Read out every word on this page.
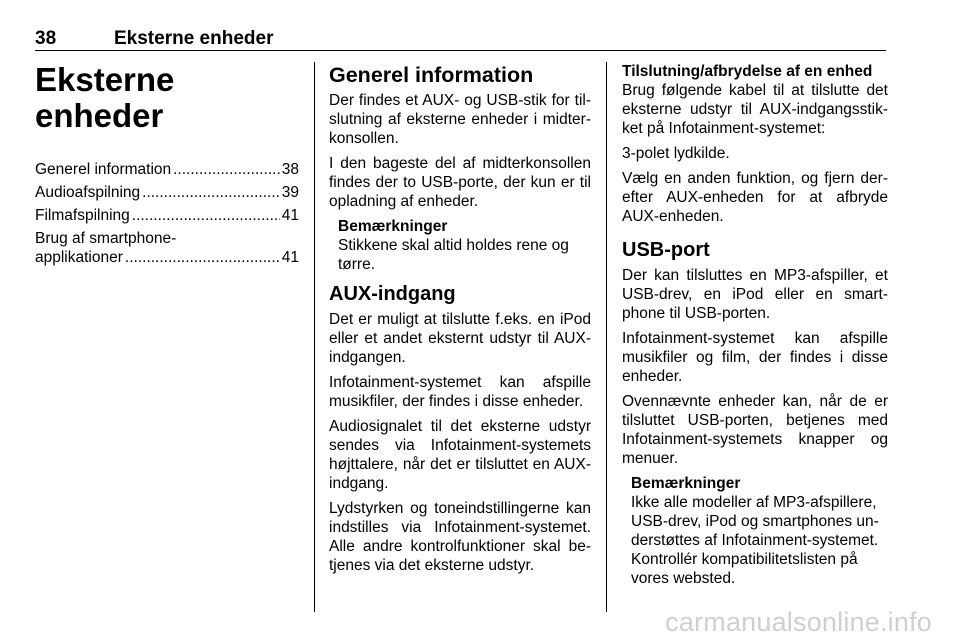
38	Eksterne enheder
Eksterne enheder
Generel information .....	38
Audioafspilning .....	39
Filmafspilning .....	41
Brug af smartphone-
applikationer .....	41
Generel information

Der findes et AUX- og USB-stik for til-slutning af eksterne enheder i midter-konsollen.

I den bageste del af midterkonsollen findes der to USB-porte, der kun er til opladning af enheder.

Bemærkninger

Stikkene skal altid holdes rene og tørre.

AUX-indgang

Det er muligt at tilslutte f.eks. en iPod eller et andet eksternt udstyr til AUX-indgangen.

Infotainment-systemet kan afspille musikfiler, der findes i disse enheder.

Audiosignalet til det eksterne udstyr sendes via Infotainment-systemets højttalere, når det er tilsluttet en AUX-indgang.

Lydstyrken og toneindstillingerne kan indstilles via Infotainment-systemet. Alle andre kontrolfunktioner skal be-tjenes via det eksterne udstyr.

Tilslutning/afbrydelse af en enhed

Brug følgende kabel til at tilslutte det eksterne udstyr til AUX-indgangsstik-ket på Infotainment-systemet:

3-polet lydkilde.

Vælg en anden funktion, og fjern der-efter AUX-enheden for at afbryde AUX-enheden.

USB-port

Der kan tilsluttes en MP3-afspiller, et USB-drev, en iPod eller en smart-phone til USB-porten.

Infotainment-systemet kan afspille musikfiler og film, der findes i disse enheder.

Ovennævnte enheder kan, når de er tilsluttet USB-porten, betjenes med Infotainment-systemets knapper og menuer.

Bemærkninger

Ikke alle modeller af MP3-afspillere, USB-drev, iPod og smartphones un-derstøttes af Infotainment-systemet. Kontrollér kompatibilitetslisten på vores websted.

carmanualsonline.info
